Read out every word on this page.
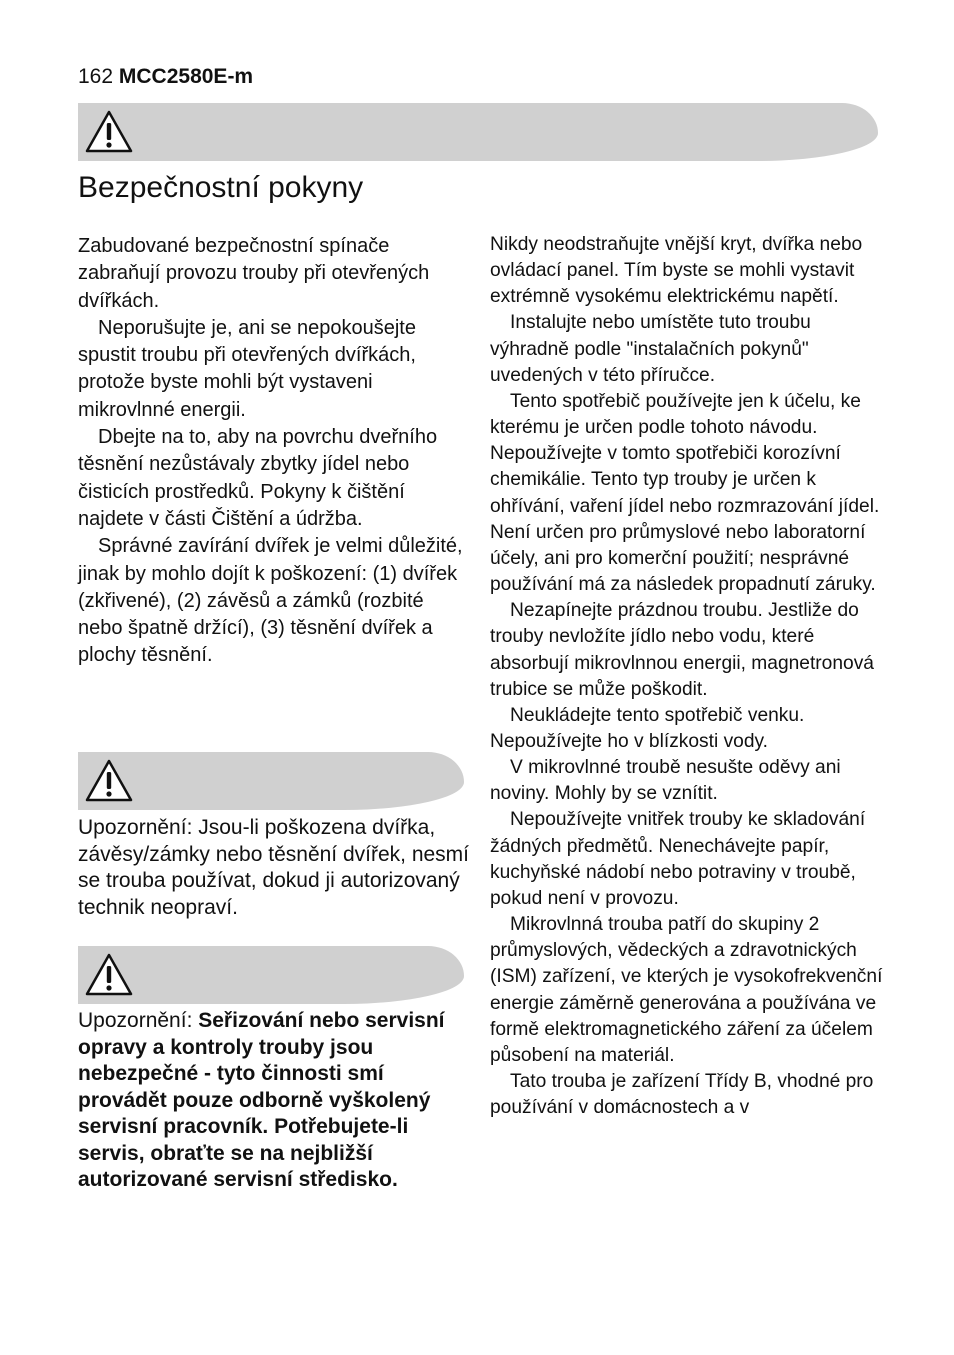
162 MCC2580E-m
Bezpečnostní pokyny

Zabudované bezpečnostní spínače zabraňují provozu trouby při otevřených dvířkách.

Neporušujte je, ani se nepokoušejte spustit troubu při otevřených dvířkách, protože byste mohli být vystaveni mikrovlnné energii.

Dbejte na to, aby na povrchu dveřního těsnění nezůstávaly zbytky jídel nebo čisticích prostředků. Pokyny k čištění najdete v části Čištění a údržba.

Správné zavírání dvířek je velmi důležité, jinak by mohlo dojít k poškození: (1) dvířek (zkřivené), (2) závěsů a zámků (rozbité nebo špatně držící), (3) těsnění dvířek a plochy těsnění.

Upozornění: Jsou-li poškozena dvířka, závěsy/zámky nebo těsnění dvířek, nesmí se trouba používat, dokud ji autorizovaný technik neopraví.

Upozornění: Seřizování nebo servisní opravy a kontroly trouby jsou nebezpečné - tyto činnosti smí provádět pouze odborně vyškolený servisní pracovník. Potřebujete-li servis, obraťte se na nejbližší autorizované servisní středisko.

Nikdy neodstraňujte vnější kryt, dvířka nebo ovládací panel. Tím byste se mohli vystavit extrémně vysokému elektrickému napětí.

Instalujte nebo umístěte tuto troubu výhradně podle "instalačních pokynů" uvedených v této příručce.

Tento spotřebič používejte jen k účelu, ke kterému je určen podle tohoto návodu. Nepoužívejte v tomto spotřebiči korozívní chemikálie. Tento typ trouby je určen k ohřívání, vaření jídel nebo rozmrazování jídel. Není určen pro průmyslové nebo laboratorní účely, ani pro komerční použití; nesprávné používání má za následek propadnutí záruky.

Nezapínejte prázdnou troubu. Jestliže do trouby nevložíte jídlo nebo vodu, které absorbují mikrovlnnou energii, magnetronová trubice se může poškodit.

Neukládejte tento spotřebič venku. Nepoužívejte ho v blízkosti vody.

V mikrovlnné troubě nesušte oděvy ani noviny. Mohly by se vznítit.

Nepoužívejte vnitřek trouby ke skladování žádných předmětů. Nenechávejte papír, kuchyňské nádobí nebo potraviny v troubě, pokud není v provozu.

Mikrovlnná trouba patří do skupiny 2 průmyslových, vědeckých a zdravotnických (ISM) zařízení, ve kterých je vysokofrekvenční energie záměrně generována a používána ve formě elektromagnetického záření za účelem působení na materiál.

Tato trouba je zařízení Třídy B, vhodné pro používání v domácnostech a v
